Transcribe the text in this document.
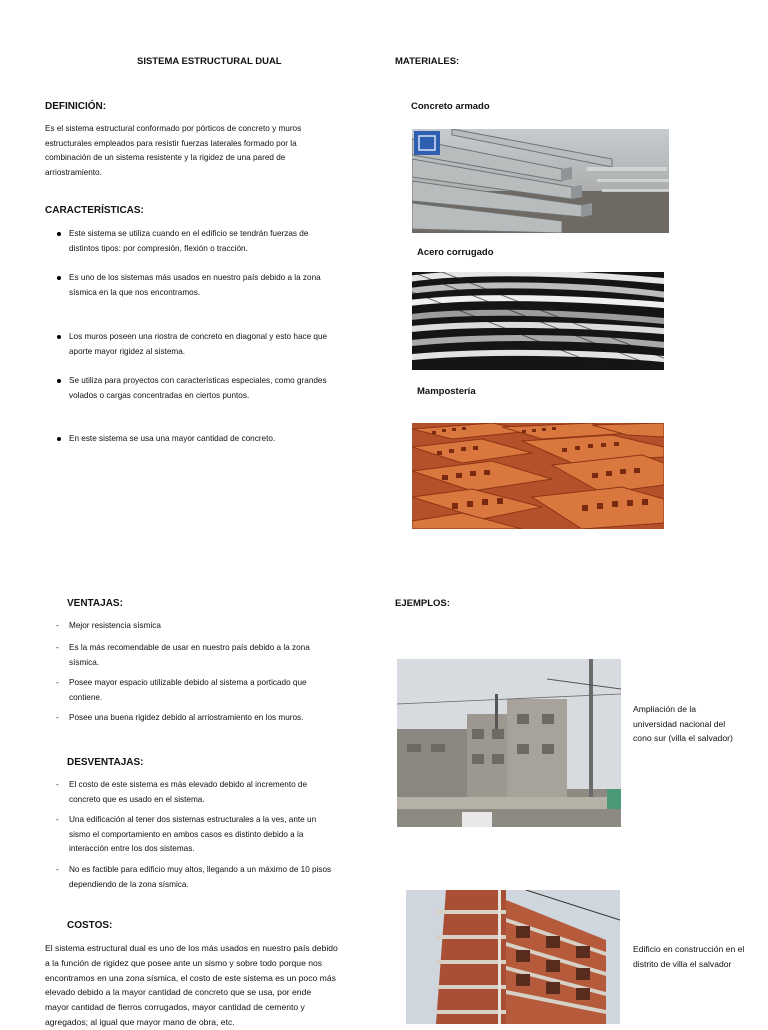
SISTEMA ESTRUCTURAL DUAL
DEFINICIÓN:
Es el sistema estructural conformado por pórticos de concreto y muros
estructurales empleados para resistir fuerzas laterales formado por la
combinación de un sistema resistente y la rigidez de una pared de
arriostramiento.
CARACTERÍSTICAS:
Este sistema se utiliza cuando en el edificio se tendrán fuerzas de
distintos tipos: por compresión, flexión o tracción.
Es uno de los sistemas más usados en nuestro país debido a la zona
sísmica en la que nos encontramos.
Los muros poseen una riostra de concreto en diagonal y esto hace que
aporte mayor rigidez al sistema.
Se utiliza para proyectos con características especiales, como grandes
volados o cargas concentradas en ciertos puntos.
En este sistema se usa una mayor cantidad de concreto.
MATERIALES:
Concreto armado
Acero corrugado
Mampostería
VENTAJAS:
- Mejor resistencia sísmica
- Es la más recomendable de usar en nuestro país debido a la zona
sísmica.
- Posee mayor espacio utilizable debido al sistema a porticado que
contiene.
- Posee una buena rigidez debido al arriostramiento en los muros.
DESVENTAJAS:
- El costo de este sistema es más elevado debido al incremento de
concreto que es usado en el sistema.
- Una edificación al tener dos sistemas estructurales a la ves, ante un
sismo el comportamiento en ambos casos es distinto debido a la
interacción entre los dos sistemas.
- No es factible para edificio muy altos, llegando a un máximo de 10 pisos
dependiendo de la zona sísmica.
COSTOS:
El sistema estructural dual es uno de los más usados en nuestro país debido
a la función de rigidez que posee ante un sismo y sobre todo porque nos
encontramos en una zona sísmica, el costo de este sistema es un poco más
elevado debido a la mayor cantidad de concreto que se usa, por ende
mayor cantidad de fierros corrugados, mayor cantidad de cemento y
agregados; al igual que mayor mano de obra, etc.
EJEMPLOS:
Ampliación de la
universidad nacional del
cono sur (villa el salvador)
Edificio en construcción en el
distrito de villa el salvador
